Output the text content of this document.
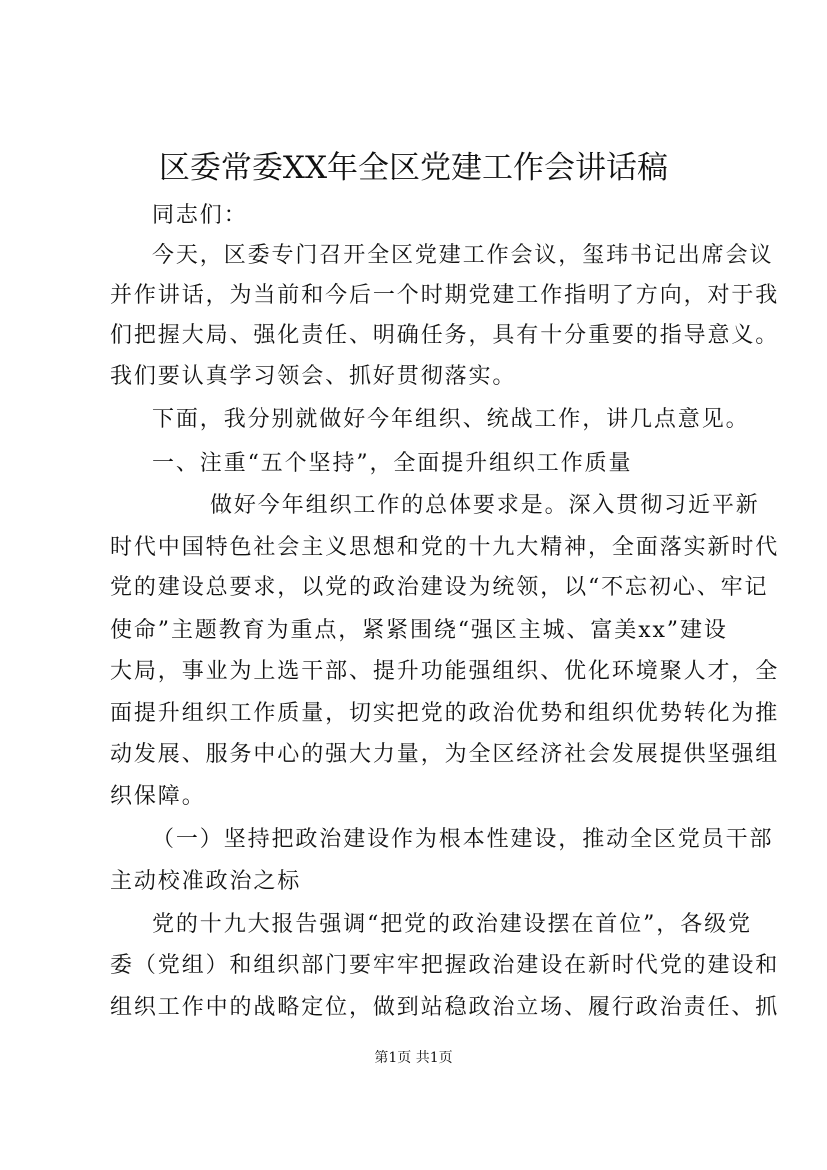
区委常委XX年全区党建工作会讲话稿
同志们：
今天，区委专门召开全区党建工作会议，玺玮书记出席会议
并作讲话，为当前和今后一个时期党建工作指明了方向，对于我
们把握大局、强化责任、明确任务，具有十分重要的指导意义。
我们要认真学习领会、抓好贯彻落实。
下面，我分别就做好今年组织、统战工作，讲几点意见。
一、注重“五个坚持”，全面提升组织工作质量
做好今年组织工作的总体要求是。深入贯彻习近平新
时代中国特色社会主义思想和党的十九大精神，全面落实新时代
党的建设总要求，以党的政治建设为统领，以“不忘初心、牢记
使命”主题教育为重点，紧紧围绕“强区主城、富美xx”建设
大局，事业为上选干部、提升功能强组织、优化环境聚人才，全
面提升组织工作质量，切实把党的政治优势和组织优势转化为推
动发展、服务中心的强大力量，为全区经济社会发展提供坚强组
织保障。
（一）坚持把政治建设作为根本性建设，推动全区党员干部
主动校准政治之标
党的十九大报告强调“把党的政治建设摆在首位”，各级党
委（党组）和组织部门要牢牢把握政治建设在新时代党的建设和
组织工作中的战略定位，做到站稳政治立场、履行政治责任、抓
第1页 共1页
